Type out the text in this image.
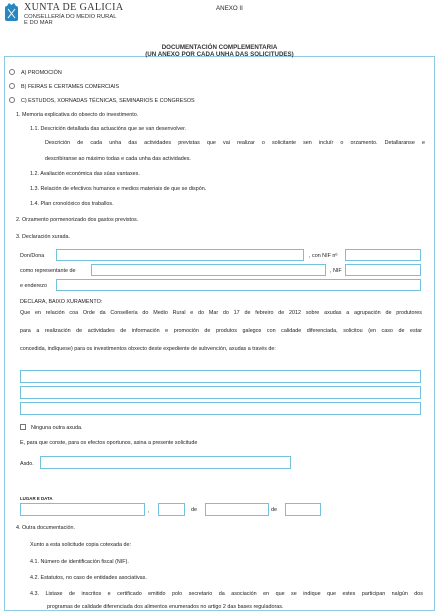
XUNTA DE GALICIA
CONSELLERÍA DO MEDIO RURAL
E DO MAR
ANEXO II
DOCUMENTACIÓN COMPLEMENTARIA
(UN ANEXO POR CADA UNHA DAS SOLICITUDES)
A) PROMOCIÓN
B) FEIRAS E CERTAMES COMERCIAIS
C) ESTUDOS, XORNADAS TÉCNICAS, SEMINARIOS E CONGRESOS
1. Memoria explicativa do obxecto do investimento.
1.1. Descrición detallada das actuacións que se van desenvolver.
Descrición de cada unha das actividades previstas que vai realizar o solicitante sen incluír o orzamento. Detallaranse e
describiranse ao máximo todas e cada unha das actividades.
1.2. Avaliación económica das súas vantaxes.
1.3. Relación de efectivos humanos e medios materiais de que se dispón.
1.4. Plan cronolóxico dos traballos.
2. Orzamento pormenorizado dos gastos previstos.
3. Declaración xurada.
Don/Dona	, con NIF nº
como representante de	, NIF
e enderezo
DECLARA, BAIXO XURAMENTO:
Que en relación coa Orde da Consellería do Medio Rural e do Mar do 17 de febreiro de 2012 sobre axudas a agrupación de produtores
para a realización de actividades de información e promoción de produtos galegos con calidade diferenciada, solicitou (en caso de estar
concedida, indíquese) para os investimentos obxecto deste expediente de subvención, axudas a través de:
Ninguna outra axuda.
E, para que conste, para os efectos oportunos, asina a presente solicitude
Asdo.
LUGAR E DATA
,	de	de
4. Outra documentación.
Xunto a esta solicitude copia cotexada de:
4.1. Número de identificación fiscal (NIF).
4.2. Estatutos, no caso de entidades asociativas.
4.3. Listaxe de inscritos e certificado emitido polo secretario da asociación en que se indique que estes participan nalgún dos
programas de calidade diferenciada dos alimentos enumerados no artigo 2 das bases reguladoras.
